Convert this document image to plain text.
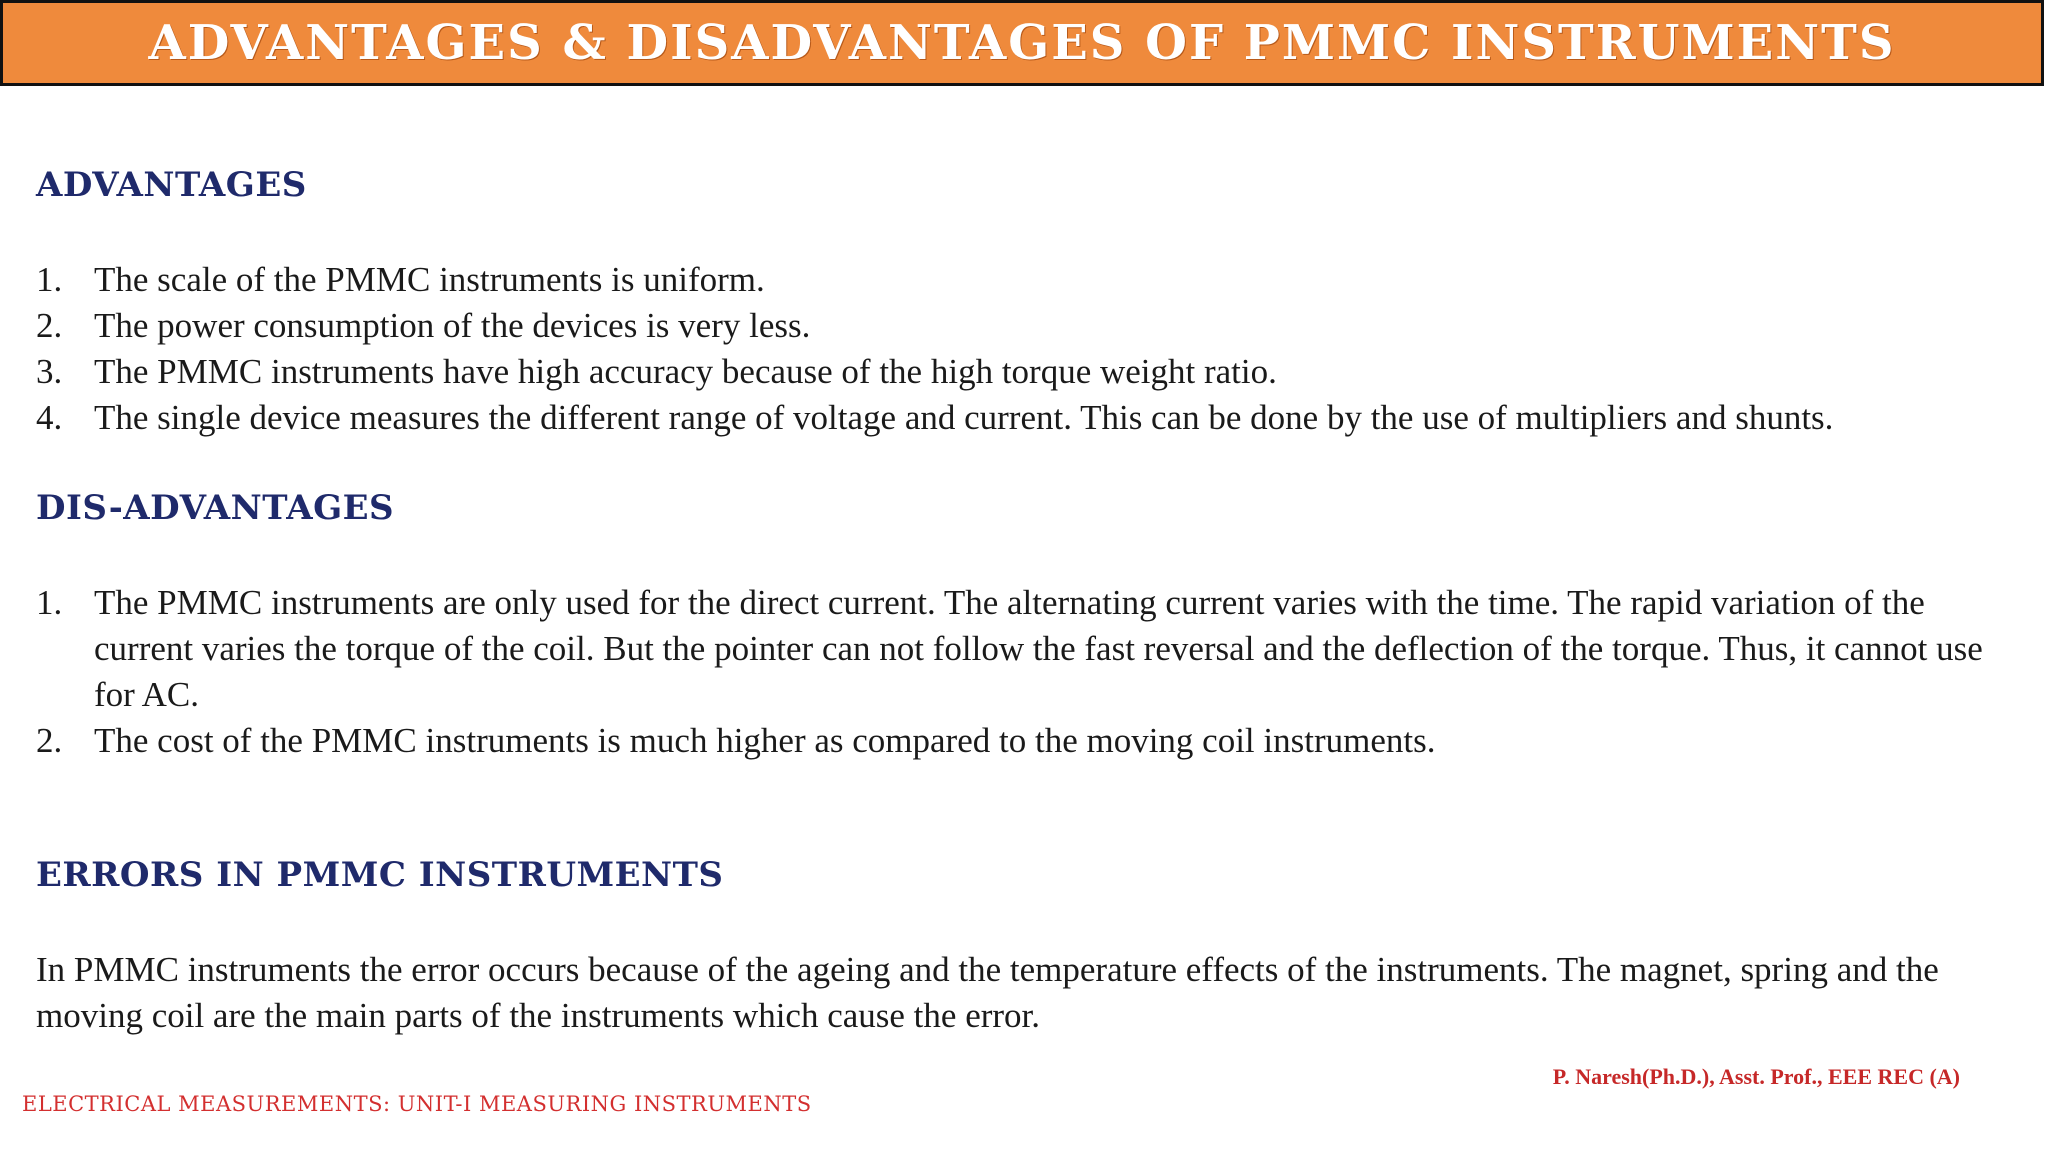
ADVANTAGES & DISADVANTAGES OF PMMC INSTRUMENTS
ADVANTAGES
1. The scale of the PMMC instruments is uniform.
2. The power consumption of the devices is very less.
3. The PMMC instruments have high accuracy because of the high torque weight ratio.
4. The single device measures the different range of voltage and current. This can be done by the use of multipliers and shunts.
DIS-ADVANTAGES
1. The PMMC instruments are only used for the direct current. The alternating current varies with the time. The rapid variation of the current varies the torque of the coil. But the pointer can not follow the fast reversal and the deflection of the torque. Thus, it cannot use for AC.
2. The cost of the PMMC instruments is much higher as compared to the moving coil instruments.
ERRORS IN PMMC INSTRUMENTS

In PMMC instruments the error occurs because of the ageing and the temperature effects of the instruments. The magnet, spring and the moving coil are the main parts of the instruments which cause the error.

P. Naresh(Ph.D.), Asst. Prof., EEE REC (A)
ELECTRICAL MEASUREMENTS: UNIT-I MEASURING INSTRUMENTS
